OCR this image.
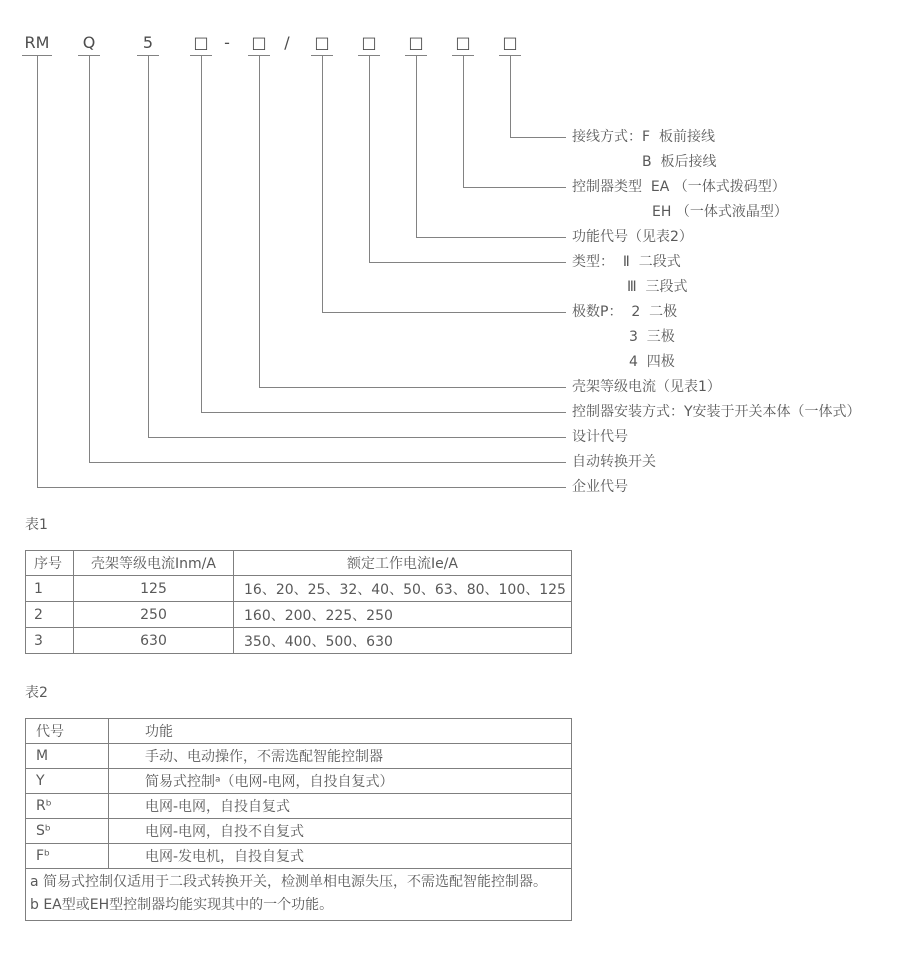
RM	Q	5	□ -	□	/	□	□	□	□	□
接线方式：F  板前接线
B  板后接线
控制器类型  EA （一体式拨码型）
EH （一体式液晶型）
功能代号（见表2）
类型：  Ⅱ  二段式
Ⅲ  三段式
极数P：  2  二极
3  三极
4  四极
壳架等级电流（见表1）
控制器安装方式：Y安装于开关本体（一体式）
设计代号
自动转换开关
企业代号
表1
序号	壳架等级电流Inm/A	额定工作电流Ie/A
1	125	16、20、25、32、40、50、63、80、100、125
2	250	160、200、225、250
3	630	350、400、500、630
表2
代号	功能
M	手动、电动操作，不需选配智能控制器
Y	简易式控制ᵃ（电网-电网，自投自复式）
Rᵇ	电网-电网，自投自复式
Sᵇ	电网-电网，自投不自复式
Fᵇ	电网-发电机，自投自复式

a 简易式控制仅适用于二段式转换开关，检测单相电源失压，不需选配智能控制器。
b EA型或EH型控制器均能实现其中的一个功能。	
